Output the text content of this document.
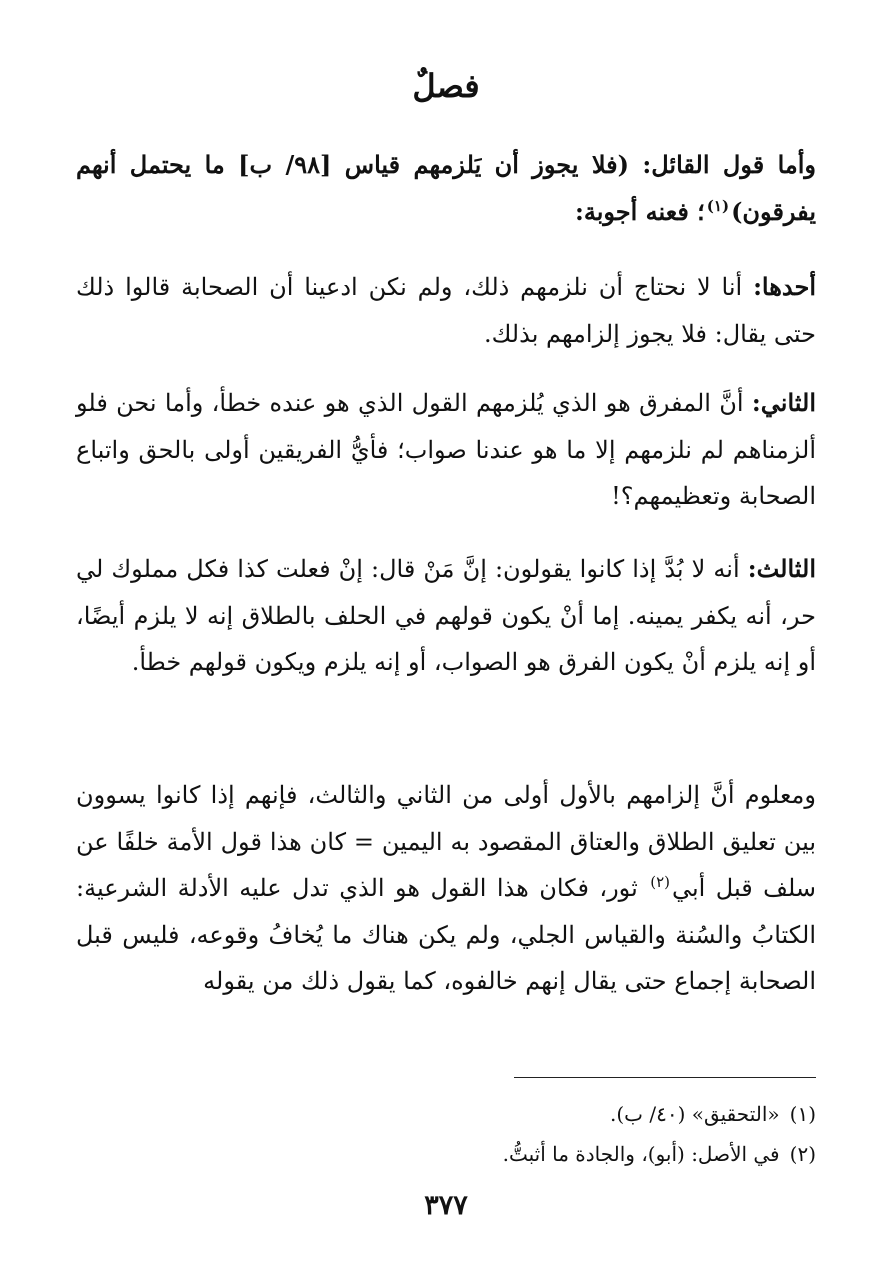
فصلٌ

وأما قول القائل: (فلا يجوز أن يَلزمهم قياس [٩٨/ ب] ما يحتمل أنهم يفرقون)$^{(١)}$؛ فعنه أجوبة:

أحدها: أنا لا نحتاج أن نلزمهم ذلك، ولم نكن ادعينا أن الصحابة قالوا ذلك حتى يقال: فلا يجوز إلزامهم بذلك.

الثاني: أنَّ المفرق هو الذي يُلزمهم القول الذي هو عنده خطأ، وأما نحن فلو ألزمناهم لم نلزمهم إلا ما هو عندنا صواب؛ فأيُّ الفريقين أولى بالحق واتباع الصحابة وتعظيمهم؟!

الثالث: أنه لا بُدَّ إذا كانوا يقولون: إنَّ مَنْ قال: إنْ فعلت كذا فكل مملوك لي حر، أنه يكفر يمينه. إما أنْ يكون قولهم في الحلف بالطلاق إنه لا يلزم أيضًا، أو إنه يلزم أنْ يكون الفرق هو الصواب، أو إنه يلزم ويكون قولهم خطأ.

ومعلوم أنَّ إلزامهم بالأول أولى من الثاني والثالث، فإنهم إذا كانوا يسوون بين تعليق الطلاق والعتاق المقصود به اليمين = كان هذا قول الأمة خلفًا عن سلف قبل أبي$^{(٢)}$ ثور، فكان هذا القول هو الذي تدل عليه الأدلة الشرعية: الكتابُ والسُنة والقياس الجلي، ولم يكن هناك ما يُخافُ وقوعه، فليس قبل الصحابة إجماع حتى يقال إنهم خالفوه، كما يقول ذلك من يقوله

(١)«التحقيق» (٤٠/ ب).
(٢)في الأصل: (أبو)، والجادة ما أثبتُّ.
٣٧٧
